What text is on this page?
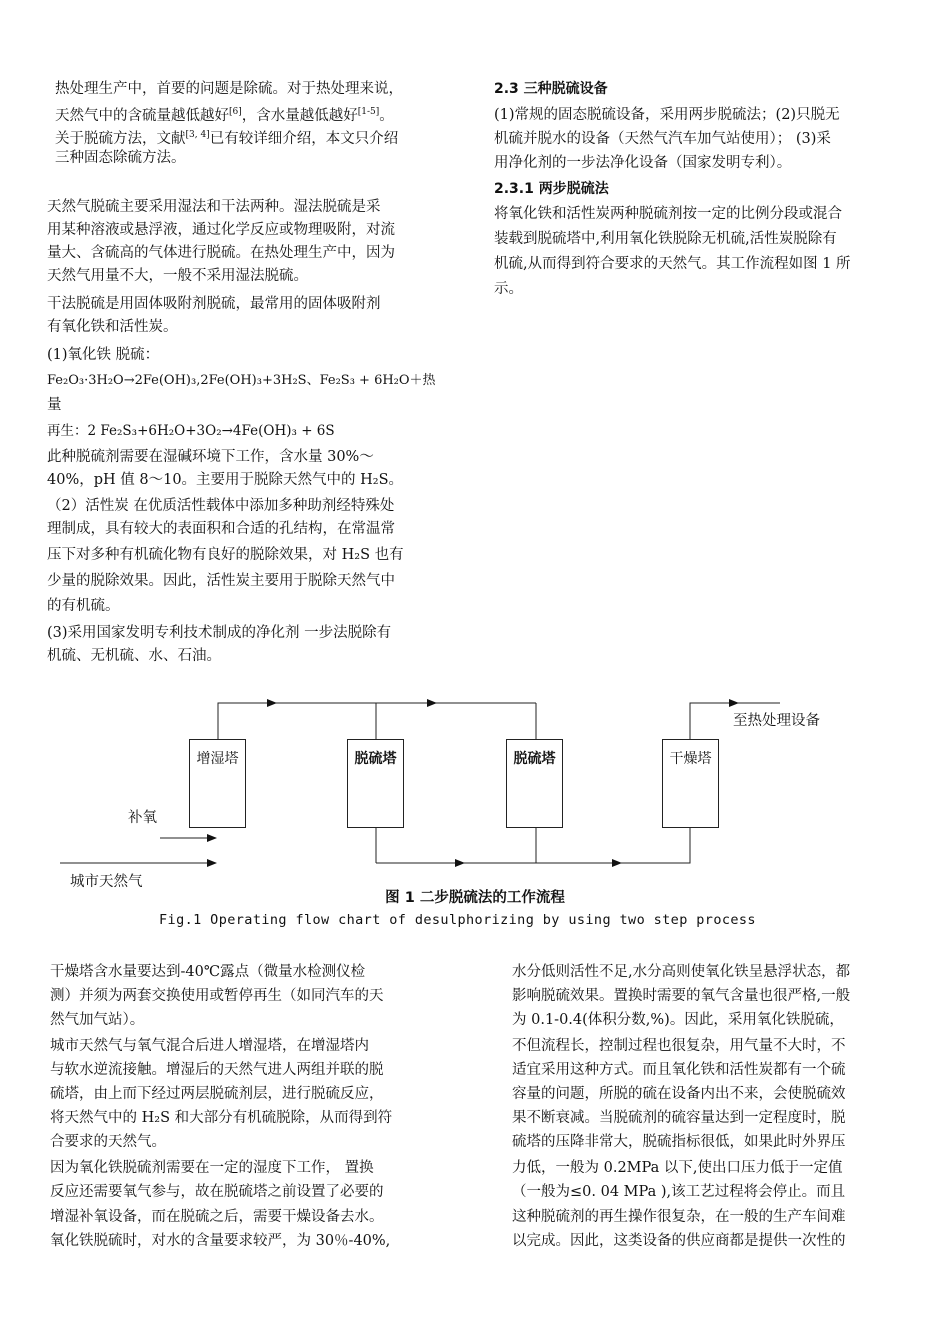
热处理生产中，首要的问题是除硫。对于热处理来说，
天然气中的含硫量越低越好[6]，含水量越低越好[1-5]。
关于脱硫方法，文献[3, 4]已有较详细介绍，本文只介绍
三种固态除硫方法。
天然气脱硫主要采用湿法和干法两种。湿法脱硫是采
用某种溶液或悬浮液，通过化学反应或物理吸附，对流
量大、含硫高的气体进行脱硫。在热处理生产中，因为
天然气用量不大，一般不采用湿法脱硫。
干法脱硫是用固体吸附剂脱硫，最常用的固体吸附剂
有氧化铁和活性炭。
(1)氧化铁 脱硫：
Fe₂O₃·3H₂O→2Fe(OH)₃,2Fe(OH)₃+3H₂S、Fe₂S₃ + 6H₂O＋热
量
再生：2 Fe₂S₃+6H₂O+3O₂→4Fe(OH)₃ + 6S
此种脱硫剂需要在湿碱环境下工作，含水量 30%～
40%，pH 值 8～10。主要用于脱除天然气中的 H₂S。
（2）活性炭 在优质活性载体中添加多种助剂经特殊处
理制成，具有较大的表面积和合适的孔结构，在常温常
压下对多种有机硫化物有良好的脱除效果，对 H₂S 也有
少量的脱除效果。因此，活性炭主要用于脱除天然气中
的有机硫。
(3)采用国家发明专利技术制成的净化剂 一步法脱除有
机硫、无机硫、水、石油。
2.3 三种脱硫设备
(1)常规的固态脱硫设备，采用两步脱硫法；(2)只脱无
机硫并脱水的设备（天然气汽车加气站使用）； (3)采
用净化剂的一步法净化设备（国家发明专利）。
2.3.1 两步脱硫法
将氧化铁和活性炭两种脱硫剂按一定的比例分段或混合
装载到脱硫塔中,利用氧化铁脱除无机硫,活性炭脱除有
机硫,从而得到符合要求的天然气。其工作流程如图 1 所
示。
增湿塔	脱硫塔	脱硫塔	干燥塔
补氧
城市天然气
至热处理设备
图 1 二步脱硫法的工作流程
Fig.1 Operating flow chart of desulphorizing by using two step process
干燥塔含水量要达到-40℃露点（微量水检测仪检
测）并须为两套交换使用或暂停再生（如同汽车的天
然气加气站）。
城市天然气与氧气混合后进人增湿塔，在增湿塔内
与软水逆流接触。增湿后的天然气进人两组并联的脱
硫塔，由上而下经过两层脱硫剂层，进行脱硫反应，
将天然气中的 H₂S 和大部分有机硫脱除，从而得到符
合要求的天然气。
因为氧化铁脱硫剂需要在一定的湿度下工作， 置换
反应还需要氧气参与，故在脱硫塔之前设置了必要的
增湿补氧设备，而在脱硫之后，需要干燥设备去水。
氧化铁脱硫时，对水的含量要求较严，为 30％-40%,
水分低则活性不足,水分高则使氧化铁呈悬浮状态，都
影响脱硫效果。置换时需要的氧气含量也很严格,一般
为 0.1-0.4(体积分数,%)。因此，采用氧化铁脱硫，
不但流程长，控制过程也很复杂，用气量不大时，不
适宜采用这种方式。而且氧化铁和活性炭都有一个硫
容量的问题，所脱的硫在设备内出不来，会使脱硫效
果不断衰减。当脱硫剂的硫容量达到一定程度时，脱
硫塔的压降非常大，脱硫指标很低，如果此时外界压
力低，一般为 0.2MPa 以下,使出口压力低于一定值
（一般为≤0. 04 MPa ),该工艺过程将会停止。而且
这种脱硫剂的再生操作很复杂，在一般的生产车间难
以完成。因此，这类设备的供应商都是提供一次性的
